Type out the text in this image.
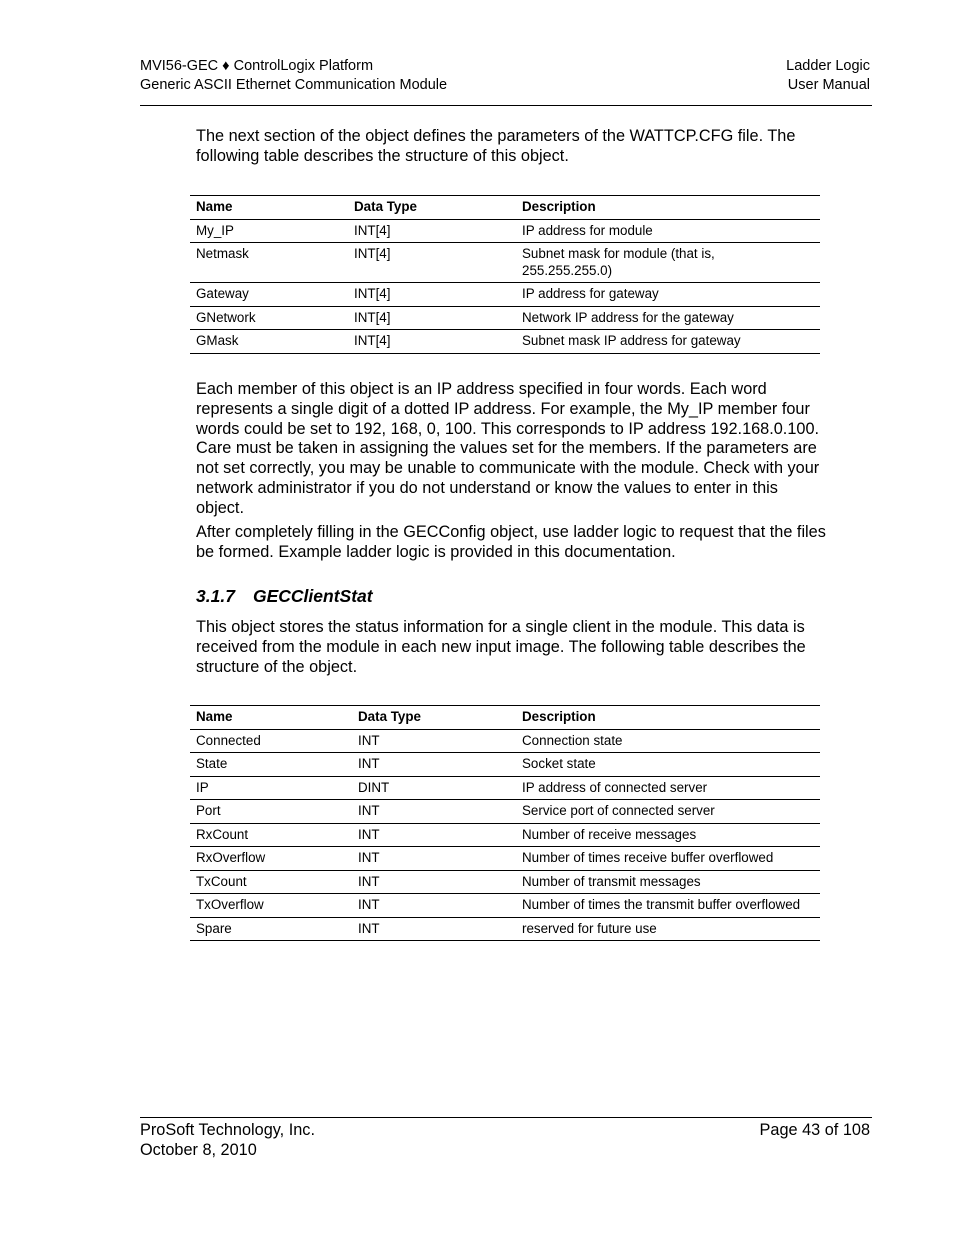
MVI56-GEC ♦ ControlLogix Platform
Generic ASCII Ethernet Communication Module
Ladder Logic
User Manual

The next section of the object defines the parameters of the WATTCP.CFG file. The following table describes the structure of this object.

Name	Data Type	Description
My_IP	INT[4]	IP address for module
Netmask	INT[4]	Subnet mask for module (that is, 255.255.255.0)
Gateway	INT[4]	IP address for gateway
GNetwork	INT[4]	Network IP address for the gateway
GMask	INT[4]	Subnet mask IP address for gateway

Each member of this object is an IP address specified in four words. Each word represents a single digit of a dotted IP address. For example, the My_IP member four words could be set to 192, 168, 0, 100. This corresponds to IP address 192.168.0.100. Care must be taken in assigning the values set for the members. If the parameters are not set correctly, you may be unable to communicate with the module. Check with your network administrator if you do not understand or know the values to enter in this object.

After completely filling in the GECConfig object, use ladder logic to request that the files be formed. Example ladder logic is provided in this documentation.

3.1.7 GECClientStat

This object stores the status information for a single client in the module. This data is received from the module in each new input image. The following table describes the structure of the object.

Name	Data Type	Description
Connected	INT	Connection state
State	INT	Socket state
IP	DINT	IP address of connected server
Port	INT	Service port of connected server
RxCount	INT	Number of receive messages
RxOverflow	INT	Number of times receive buffer overflowed
TxCount	INT	Number of transmit messages
TxOverflow	INT	Number of times the transmit buffer overflowed
Spare	INT	reserved for future use
ProSoft Technology, Inc.
October 8, 2010
Page 43 of 108
